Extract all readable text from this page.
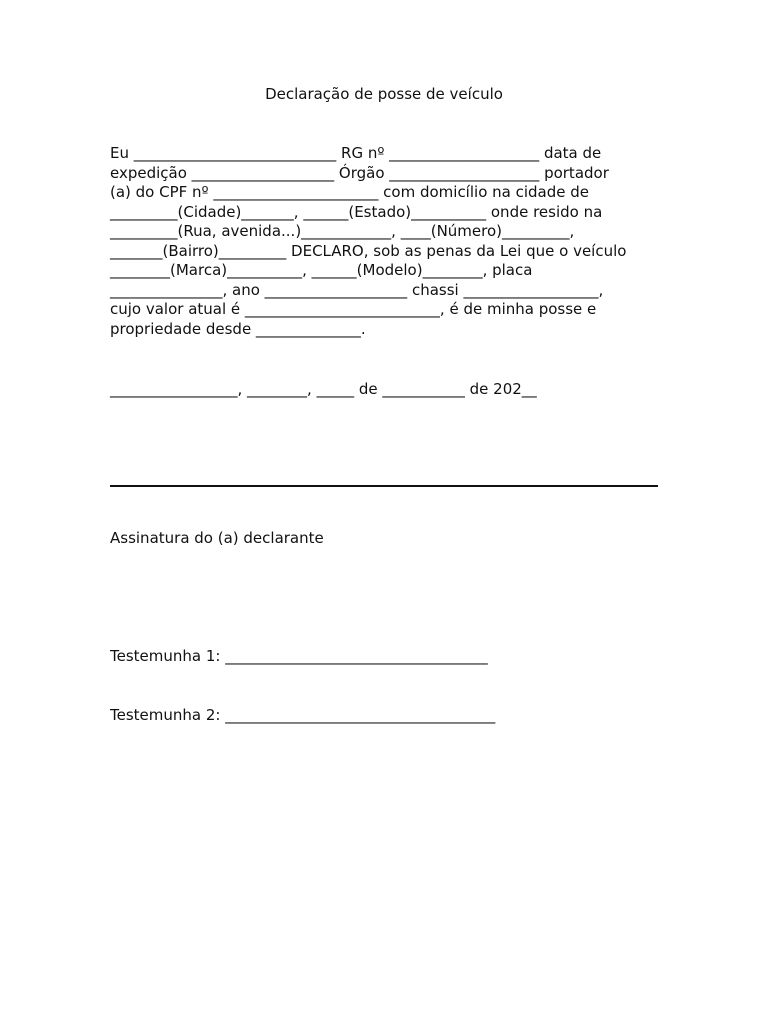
Declaração de posse de veículo
Eu ___________________________ RG nº ____________________ data de
expedição ___________________ Órgão ____________________ portador
(a) do CPF nº ______________________ com domicílio na cidade de
_________(Cidade)_______, ______(Estado)__________ onde resido na
_________(Rua, avenida...)____________, ____(Número)_________,
_______(Bairro)_________ DECLARO, sob as penas da Lei que o veículo
________(Marca)__________, ______(Modelo)________, placa
_______________, ano ___________________ chassi __________________,
cujo valor atual é __________________________, é de minha posse e
propriedade desde ______________.
_________________, ________, _____ de ___________ de 202__
Assinatura do (a) declarante
Testemunha 1: ___________________________________
Testemunha 2: ____________________________________
